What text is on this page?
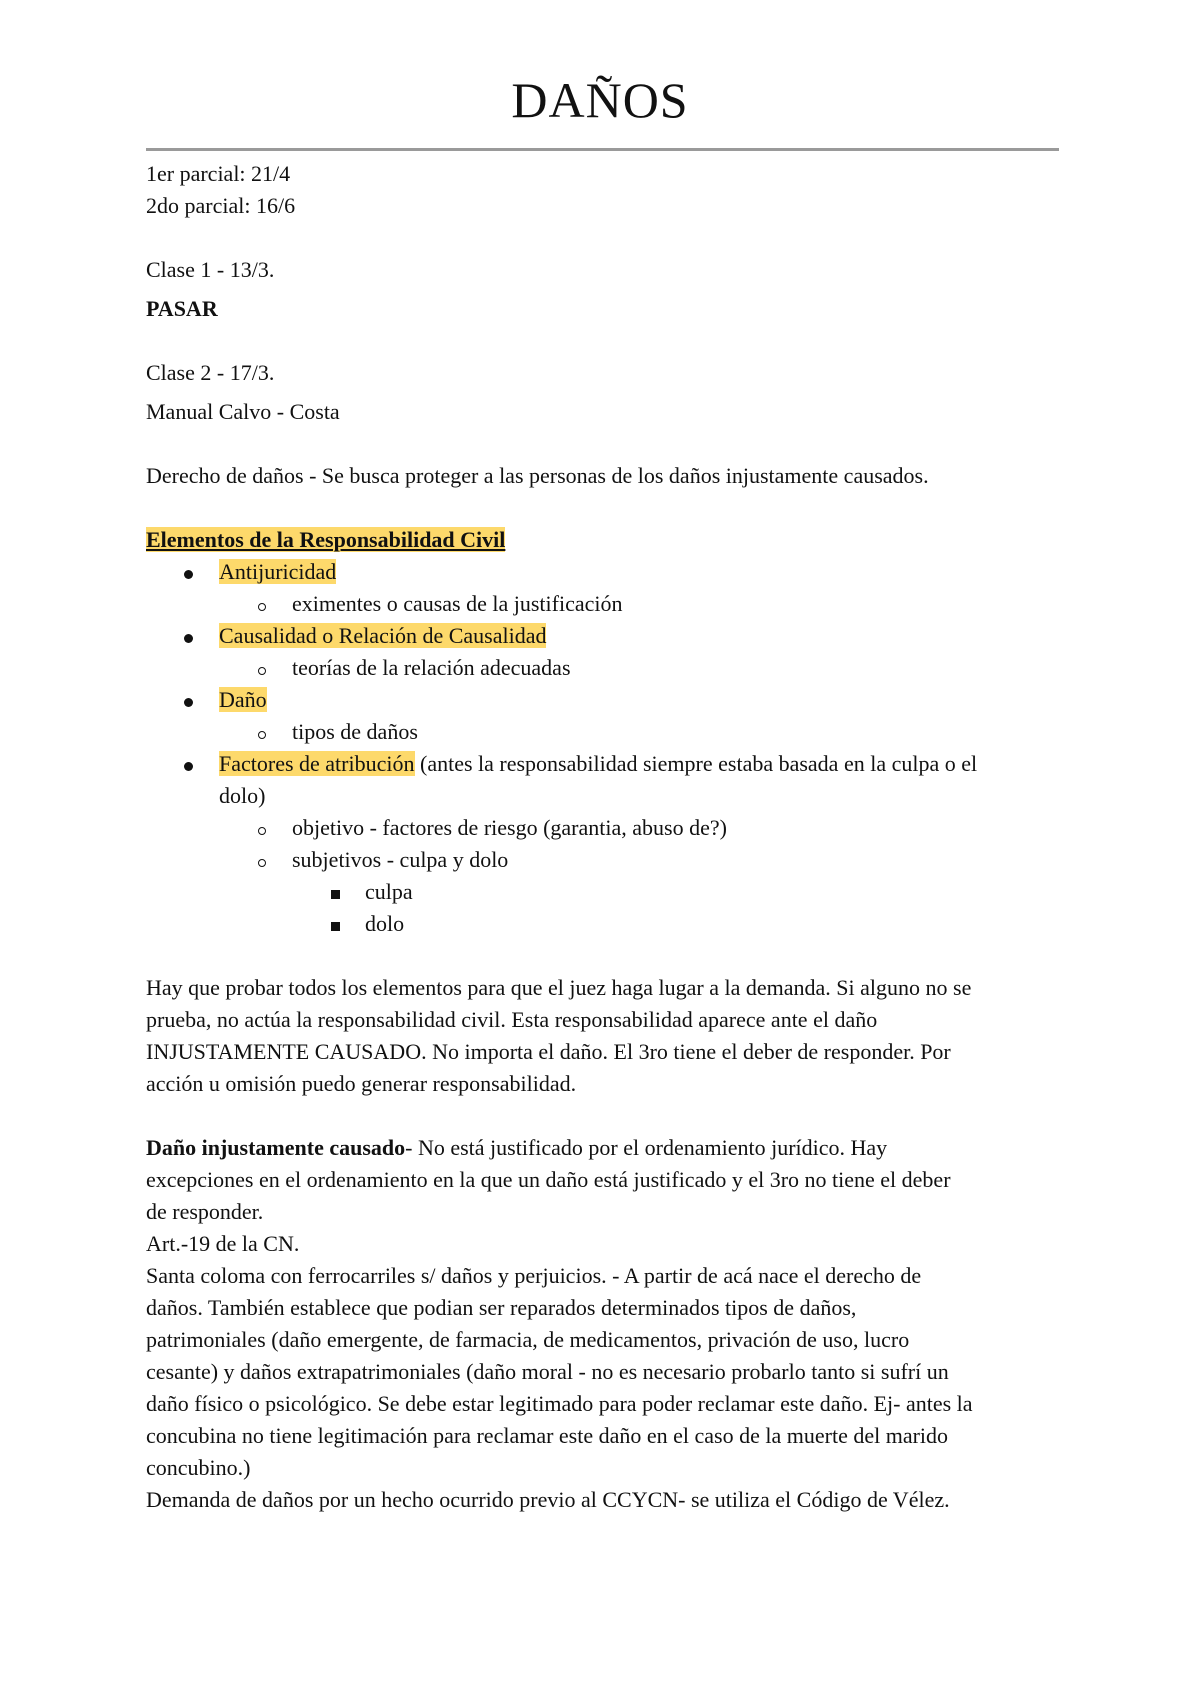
DAÑOS
1er parcial: 21/4
2do parcial: 16/6
Clase 1 - 13/3.
PASAR
Clase 2 - 17/3.
Manual Calvo - Costa
Derecho de daños - Se busca proteger a las personas de los daños injustamente causados.
Elementos de la Responsabilidad Civil
Antijuricidad
eximentes o causas de la justificación
Causalidad o Relación de Causalidad
teorías de la relación adecuadas
Daño
tipos de daños
Factores de atribución (antes la responsabilidad siempre estaba basada en la culpa o el
dolo)
objetivo - factores de riesgo (garantia, abuso de?)
subjetivos - culpa y dolo
culpa
dolo
Hay que probar todos los elementos para que el juez haga lugar a la demanda. Si alguno no se
prueba, no actúa la responsabilidad civil. Esta responsabilidad aparece ante el daño
INJUSTAMENTE CAUSADO. No importa el daño. El 3ro tiene el deber de responder. Por
acción u omisión puedo generar responsabilidad.
Daño injustamente causado- No está justificado por el ordenamiento jurídico. Hay
excepciones en el ordenamiento en la que un daño está justificado y el 3ro no tiene el deber
de responder.
Art.-19 de la CN.
Santa coloma con ferrocarriles s/ daños y perjuicios. - A partir de acá nace el derecho de
daños. También establece que podian ser reparados determinados tipos de daños,
patrimoniales (daño emergente, de farmacia, de medicamentos, privación de uso, lucro
cesante) y daños extrapatrimoniales (daño moral - no es necesario probarlo tanto si sufrí un
daño físico o psicológico. Se debe estar legitimado para poder reclamar este daño. Ej- antes la
concubina no tiene legitimación para reclamar este daño en el caso de la muerte del marido
concubino.)
Demanda de daños por un hecho ocurrido previo al CCYCN- se utiliza el Código de Vélez.
